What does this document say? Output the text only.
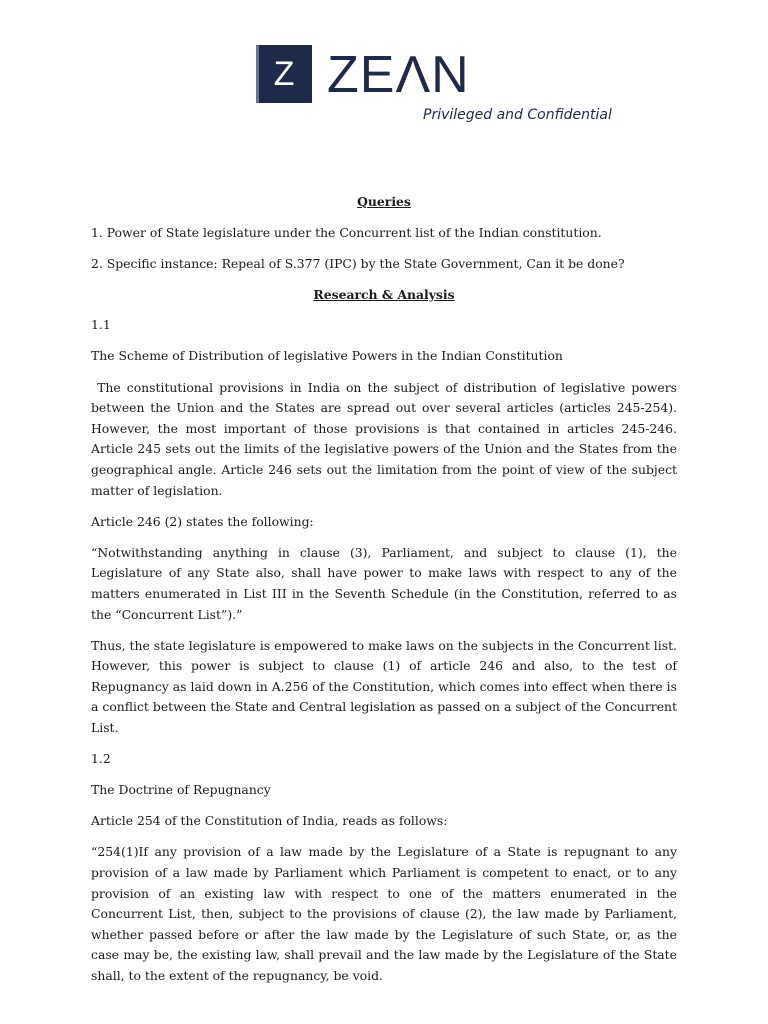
Z ZEΛN
Privileged and Confidential
Queries

1. Power of State legislature under the Concurrent list of the Indian constitution.

2. Specific instance: Repeal of S.377 (IPC) by the State Government, Can it be done?

Research & Analysis

1.1

The Scheme of Distribution of legislative Powers in the Indian Constitution

The constitutional provisions in India on the subject of distribution of legislative powers between the Union and the States are spread out over several articles (articles 245-254). However, the most important of those provisions is that contained in articles 245-246. Article 245 sets out the limits of the legislative powers of the Union and the States from the geographical angle. Article 246 sets out the limitation from the point of view of the subject matter of legislation.

Article 246 (2) states the following:

“Notwithstanding anything in clause (3), Parliament, and subject to clause (1), the Legislature of any State also, shall have power to make laws with respect to any of the matters enumerated in List III in the Seventh Schedule (in the Constitution, referred to as the “Concurrent List”).”

Thus, the state legislature is empowered to make laws on the subjects in the Concurrent list. However, this power is subject to clause (1) of article 246 and also, to the test of Repugnancy as laid down in A.256 of the Constitution, which comes into effect when there is a conflict between the State and Central legislation as passed on a subject of the Concurrent List.

1.2

The Doctrine of Repugnancy

Article 254 of the Constitution of India, reads as follows:

“254(1)If any provision of a law made by the Legislature of a State is repugnant to any provision of a law made by Parliament which Parliament is competent to enact, or to any provision of an existing law with respect to one of the matters enumerated in the Concurrent List, then, subject to the provisions of clause (2), the law made by Parliament, whether passed before or after the law made by the Legislature of such State, or, as the case may be, the existing law, shall prevail and the law made by the Legislature of the State shall, to the extent of the repugnancy, be void.
